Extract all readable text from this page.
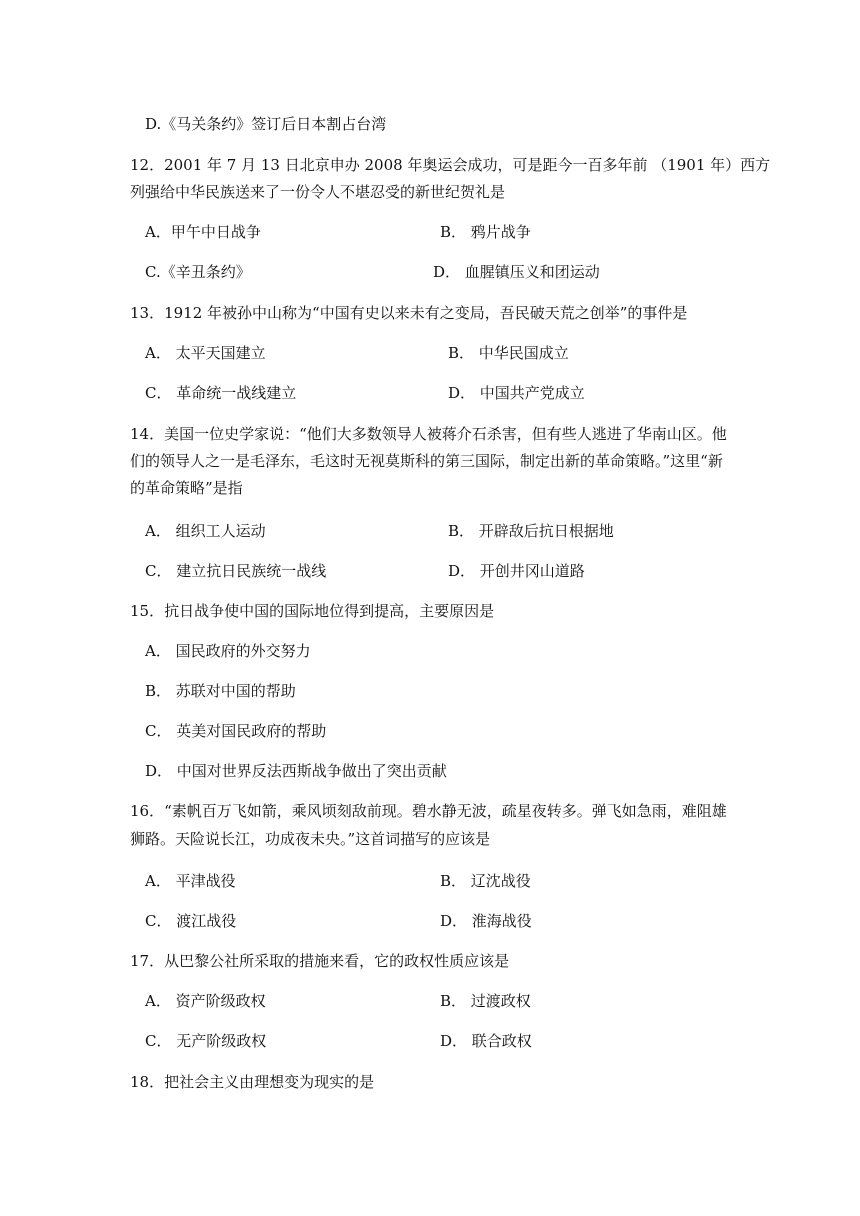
D.《马关条约》签订后日本割占台湾
12．2001 年 7 月 13 日北京申办 2008 年奥运会成功，可是距今一百多年前 （1901 年）西方
列强给中华民族送来了一份令人不堪忍受的新世纪贺礼是
A．甲午中日战争	B． 鸦片战争
C.《辛丑条约》	D． 血腥镇压义和团运动
13．1912 年被孙中山称为“中国有史以来未有之变局，吾民破天荒之创举”的事件是
A． 太平天国建立	B． 中华民国成立
C． 革命统一战线建立	D． 中国共产党成立
14．美国一位史学家说：“他们大多数领导人被蒋介石杀害，但有些人逃进了华南山区。他
们的领导人之一是毛泽东，毛这时无视莫斯科的第三国际，制定出新的革命策略。”这里“新
的革命策略”是指
A． 组织工人运动	B． 开辟敌后抗日根据地
C． 建立抗日民族统一战线	D． 开创井冈山道路
15．抗日战争使中国的国际地位得到提高，主要原因是
A． 国民政府的外交努力
B． 苏联对中国的帮助
C． 英美对国民政府的帮助
D． 中国对世界反法西斯战争做出了突出贡献
16．“素帆百万飞如箭，乘风顷刻敌前现。碧水静无波，疏星夜转多。弹飞如急雨，难阻雄
狮路。天险说长江，功成夜未央。”这首词描写的应该是
A． 平津战役	B． 辽沈战役
C． 渡江战役	D． 淮海战役
17．从巴黎公社所采取的措施来看，它的政权性质应该是
A． 资产阶级政权	B． 过渡政权
C． 无产阶级政权	D． 联合政权
18．把社会主义由理想变为现实的是
